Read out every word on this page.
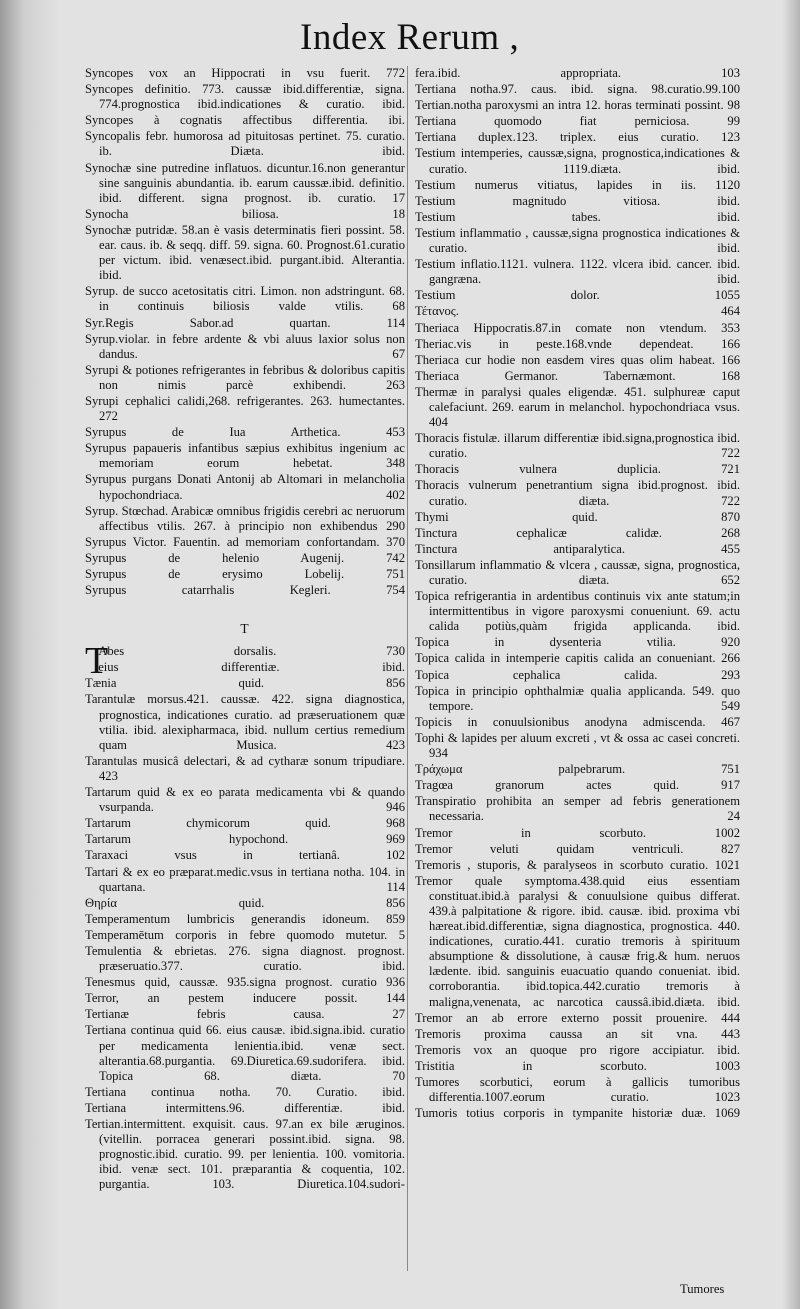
Index Rerum ,

Syncopes vox an Hippocrati in vsu fuerit. 772

Syncopes definitio. 773. caussæ ibid.differentiæ, signa. 774.prognostica ibid.indicationes & curatio. ibid.

Syncopes à cognatis affectibus differentia. ibi.

Syncopalis febr. humorosa ad pituitosas pertinet. 75. curatio. ib. Diæta. ibid.

Synochæ sine putredine inflatuos. dicuntur.16.non generantur sine sanguinis abundantia. ib. earum caussæ.ibid. definitio. ibid. different. signa prognost. ib. curatio. 17

Synocha biliosa. 18

Synochæ putridæ. 58.an è vasis determinatis fieri possint. 58. ear. caus. ib. & seqq. diff. 59. signa. 60. Prognost.61.curatio per victum. ibid. venæsect.ibid. purgant.ibid. Alterantia. ibid.

Syrup. de succo acetositatis citri. Limon. non adstringunt. 68. in continuis biliosis valde vtilis. 68

Syr.Regis Sabor.ad quartan. 114

Syrup.violar. in febre ardente & vbi aluus laxior solus non dandus. 67

Syrupi & potiones refrigerantes in febribus & doloribus capitis non nimis parcè exhibendi. 263

Syrupi cephalici calidi,268. refrigerantes. 263. humectantes. 272

Syrupus de Iua Arthetica. 453

Syrupus papaueris infantibus sæpius exhibitus ingenium ac memoriam eorum hebetat. 348

Syrupus purgans Donati Antonij ab Altomari in melancholia hypochondriaca. 402

Syrup. Stœchad. Arabicæ omnibus frigidis cerebri ac neruorum affectibus vtilis. 267. à principio non exhibendus 290

Syrupus Victor. Fauentin. ad memoriam confortandam. 370

Syrupus de helenio Augenij. 742

Syrupus de erysimo Lobelij. 751

Syrupus catarrhalis Kegleri. 754

T

T
Abes dorsalis. 730

eius differentiæ. ibid.

Tænia quid. 856

Tarantulæ morsus.421. caussæ. 422. signa diagnostica, prognostica, indicationes curatio. ad præseruationem quæ vtilia. ibid. alexipharmaca, ibid. nullum certius remedium quam Musica. 423

Tarantulas musicâ delectari, & ad cytharæ sonum tripudiare. 423

Tartarum quid & ex eo parata medicamenta vbi & quando vsurpanda. 946

Tartarum chymicorum quid. 968

Tartarum hypochond. 969

Taraxaci vsus in tertianâ. 102

Tartari & ex eo præparat.medic.vsus in tertiana notha. 104. in quartana. 114

Θηρία quid. 856

Temperamentum lumbricis generandis idoneum. 859

Temperamētum corporis in febre quomodo mutetur. 5

Temulentia & ebrietas. 276. signa diagnost. prognost. præseruatio.377. curatio. ibid.

Tenesmus quid, caussæ. 935.signa prognost. curatio 936

Terror, an pestem inducere possit. 144

Tertianæ febris causa. 27

Tertiana continua quid 66. eius causæ. ibid.signa.ibid. curatio per medicamenta lenientia.ibid. venæ sect. alterantia.68.purgantia. 69.Diuretica.69.sudorifera. ibid. Topica 68. diæta. 70

Tertiana continua notha. 70. Curatio. ibid.

Tertiana intermittens.96. differentiæ. ibid.

Tertian.intermittent. exquisit. caus. 97.an ex bile æruginos.(vitellin. porracea generari possint.ibid. signa. 98. prognostic.ibid. curatio. 99. per lenientia. 100. vomitoria. ibid. venæ sect. 101. præparantia & coquentia, 102. purgantia. 103. Diuretica.104.sudori-

fera.ibid. appropriata. 103

Tertiana notha.97. caus. ibid. signa. 98.curatio.99.100

Tertian.notha paroxysmi an intra 12. horas terminati possint. 98

Tertiana quomodo fiat perniciosa. 99

Tertiana duplex.123. triplex. eius curatio. 123

Testium intemperies, caussæ,signa, prognostica,indicationes & curatio. 1119.diæta. ibid.

Testium numerus vitiatus, lapides in iis. 1120

Testium magnitudo vitiosa. ibid.

Testium tabes. ibid.

Testium inflammatio , caussæ,signa prognostica indicationes & curatio. ibid.

Testium inflatio.1121. vulnera. 1122. vlcera ibid. cancer. ibid. gangræna. ibid.

Testium dolor. 1055

Τέτανος. 464

Theriaca Hippocratis.87.in comate non vtendum. 353

Theriac.vis in peste.168.vnde dependeat. 166

Theriaca cur hodie non easdem vires quas olim habeat. 166

Theriaca Germanor. Tabernæmont. 168

Thermæ in paralysi quales eligendæ. 451. sulphureæ caput calefaciunt. 269. earum in melanchol. hypochondriaca vsus. 404

Thoracis fistulæ. illarum differentiæ ibid.signa,prognostica ibid. curatio. 722

Thoracis vulnera duplicia. 721

Thoracis vulnerum penetrantium signa ibid.prognost. ibid. curatio. diæta. 722

Thymi quid. 870

Tinctura cephalicæ calidæ. 268

Tinctura antiparalytica. 455

Tonsillarum inflammatio & vlcera , caussæ, signa, prognostica, curatio. diæta. 652

Topica refrigerantia in ardentibus continuis vix ante statum;in intermittentibus in vigore paroxysmi conueniunt. 69. actu calida potiùs,quàm frigida applicanda. ibid.

Topica in dysenteria vtilia. 920

Topica calida in intemperie capitis calida an conueniant. 266

Topica cephalica calida. 293

Topica in principio ophthalmiæ qualia applicanda. 549. quo tempore. 549

Topicis in conuulsionibus anodyna admiscenda. 467

Tophi & lapides per aluum excreti , vt & ossa ac casei concreti. 934

Τράχωμα palpebrarum. 751

Tragœa granorum actes quid. 917

Transpiratio prohibita an semper ad febris generationem necessaria. 24

Tremor in scorbuto. 1002

Tremor veluti quidam ventriculi. 827

Tremoris , stuporis, & paralyseos in scorbuto curatio. 1021

Tremor quale symptoma.438.quid eius essentiam constituat.ibid.à paralysi & conuulsione quibus differat. 439.à palpitatione & rigore. ibid. causæ. ibid. proxima vbi hæreat.ibid.differentiæ, signa diagnostica, prognostica. 440. indicationes, curatio.441. curatio tremoris à spirituum absumptione & dissolutione, à causæ frig.& hum. neruos lædente. ibid. sanguinis euacuatio quando conueniat. ibid. corroborantia. ibid.topica.442.curatio tremoris à maligna,venenata, ac narcotica caussâ.ibid.diæta. ibid.

Tremor an ab errore externo possit prouenire. 444

Tremoris proxima caussa an sit vna. 443

Tremoris vox an quoque pro rigore accipiatur. ibid.

Tristitia in scorbuto. 1003

Tumores scorbutici, eorum à gallicis tumoribus differentia.1007.eorum curatio. 1023

Tumoris totius corporis in tympanite historiæ duæ. 1069

Tumores
